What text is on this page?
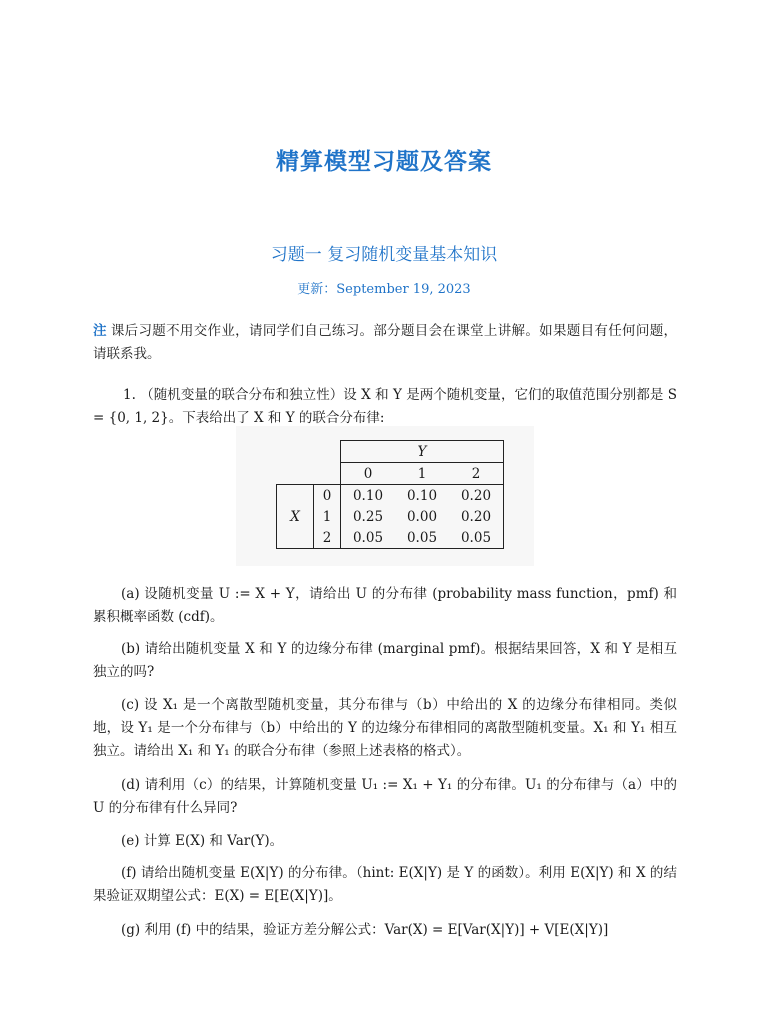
精算模型习题及答案
习题一 复习随机变量基本知识
更新：September 19, 2023
注 课后习题不用交作业，请同学们自己练习。部分题目会在课堂上讲解。如果题目有任何问题，请联系我。
1. （随机变量的联合分布和独立性）设 X 和 Y 是两个随机变量，它们的取值范围分别都是 S = {0, 1, 2}。下表给出了 X 和 Y 的联合分布律:
		Y		
		0	1	2
X	0	0.10	0.10	0.20
	1	0.25	0.00	0.20
	2	0.05	0.05	0.05
(a) 设随机变量 U := X + Y，请给出 U 的分布律 (probability mass function，pmf) 和累积概率函数 (cdf)。
(b) 请给出随机变量 X 和 Y 的边缘分布律 (marginal pmf)。根据结果回答，X 和 Y 是相互独立的吗?
(c) 设 X₁ 是一个离散型随机变量，其分布律与（b）中给出的 X 的边缘分布律相同。类似地，设 Y₁ 是一个分布律与（b）中给出的 Y 的边缘分布律相同的离散型随机变量。X₁ 和 Y₁ 相互独立。请给出 X₁ 和 Y₁ 的联合分布律（参照上述表格的格式）。
(d) 请利用（c）的结果，计算随机变量 U₁ := X₁ + Y₁ 的分布律。U₁ 的分布律与（a）中的 U 的分布律有什么异同?
(e) 计算 E(X) 和 Var(Y)。
(f) 请给出随机变量 E(X|Y) 的分布律。（hint: E(X|Y) 是 Y 的函数）。利用 E(X|Y) 和 X 的结果验证双期望公式：E(X) = E[E(X|Y)]。
(g) 利用 (f) 中的结果，验证方差分解公式：Var(X) = E[Var(X|Y)] + V[E(X|Y)]
